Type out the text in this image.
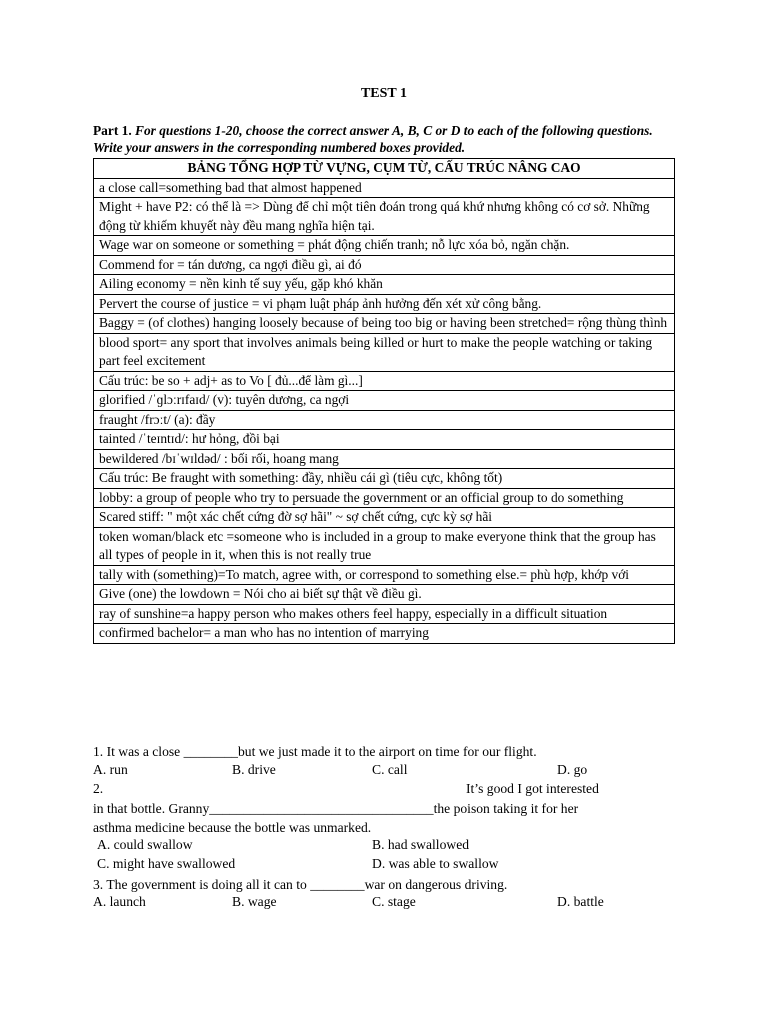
TEST 1
Part 1. For questions 1-20, choose the correct answer A, B, C or D to each of the following questions. Write your answers in the corresponding numbered boxes provided.
BẢNG TỔNG HỢP TỪ VỰNG, CỤM TỪ, CẤU TRÚC NÂNG CAO
a close call=something bad that almost happened
Might + have P2: có thể là => Dùng để chỉ một tiên đoán trong quá khứ nhưng không có cơ sở. Những động từ khiếm khuyết này đều mang nghĩa hiện tại.
Wage war on someone or something = phát động chiến tranh; nỗ lực xóa bỏ, ngăn chặn.
Commend for = tán dương, ca ngợi điều gì, ai đó
Ailing economy = nền kinh tế suy yếu, gặp khó khăn
Pervert the course of justice = vi phạm luật pháp ảnh hưởng đến xét xử công bằng.
Baggy = (of clothes) hanging loosely because of being too big or having been stretched= rộng thùng thình
blood sport= any sport that involves animals being killed or hurt to make the people watching or taking part feel excitement
Cấu trúc: be so + adj+ as to Vo [ đủ...để làm gì...]
glorified /ˈɡlɔːrɪfaɪd/ (v): tuyên dương, ca ngợi
fraught /frɔːt/ (a): đầy
tainted /ˈteɪntɪd/: hư hỏng, đồi bại
bewildered /bɪˈwɪldəd/ : bối rối, hoang mang
Cấu trúc: Be fraught with something: đầy, nhiều cái gì (tiêu cực, không tốt)
lobby: a group of people who try to persuade the government or an official group to do something
Scared stiff: " một xác chết cứng đờ sợ hãi" ~ sợ chết cứng, cực kỳ sợ hãi
token woman/black etc =someone who is included in a group to make everyone think that the group has all types of people in it, when this is not really true
tally with (something)=To match, agree with, or correspond to something else.= phù hợp, khớp với
Give (one) the lowdown = Nói cho ai biết sự thật về điều gì.
ray of sunshine=a happy person who makes others feel happy, especially in a difficult situation
confirmed bachelor= a man who has no intention of marrying
1. It was a close ________but we just made it to the airport on time for our flight.
A. run	B. drive	C. call	D. go
2.	It’s good I got interested
in that bottle. Granny_________________________________the poison taking it for her
asthma medicine because the bottle was unmarked.
A. could swallow	B. had swallowed
C. might have swallowed	D. was able to swallow
3. The government is doing all it can to ________war on dangerous driving.
A. launch	B. wage	C. stage	D. battle
